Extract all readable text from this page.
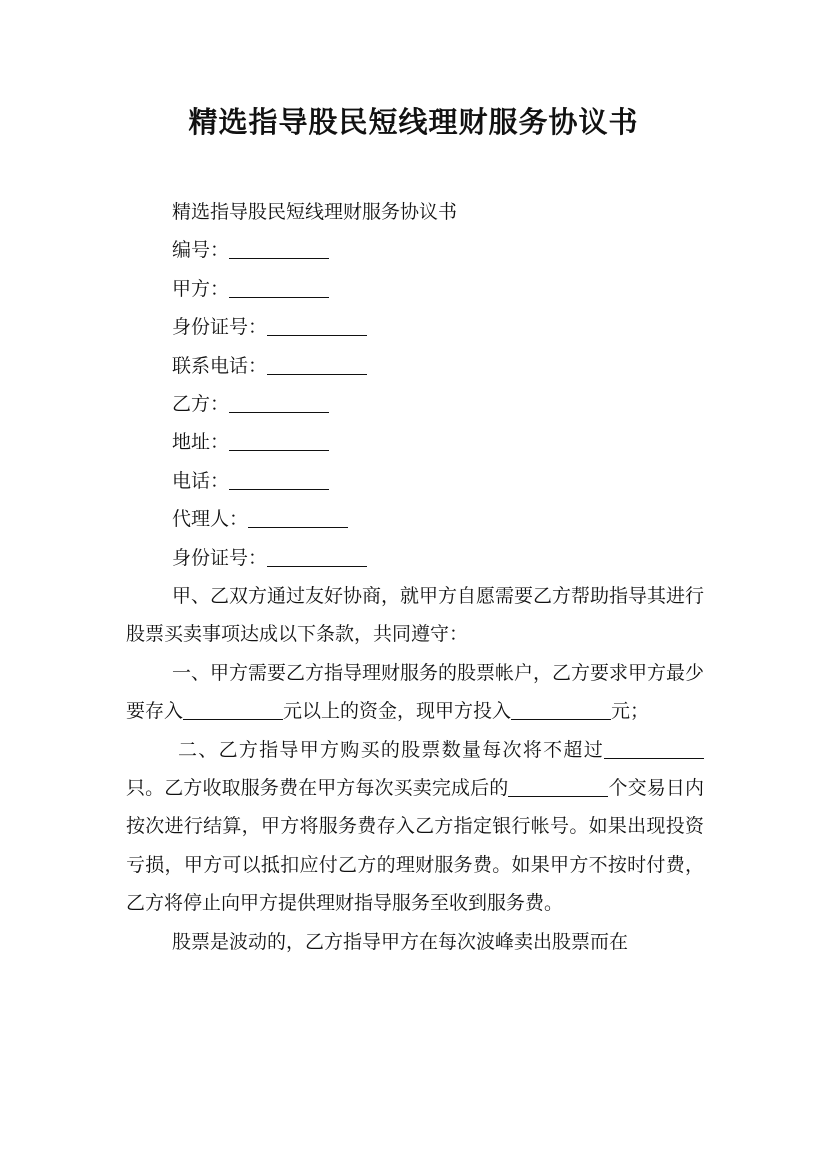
精选指导股民短线理财服务协议书
精选指导股民短线理财服务协议书
编号：
甲方：
身份证号：
联系电话：
乙方：
地址：
电话：
代理人：
身份证号：

甲、乙双方通过友好协商，就甲方自愿需要乙方帮助指导其进行股票买卖事项达成以下条款，共同遵守：

一、甲方需要乙方指导理财服务的股票帐户，乙方要求甲方最少要存入	元以上的资金，现甲方投入	元；

二、乙方指导甲方购买的股票数量每次将不超过只。乙方收取服务费在甲方每次买卖完成后的	个交易日内按次进行结算，甲方将服务费存入乙方指定银行帐号。如果出现投资亏损，甲方可以抵扣应付乙方的理财服务费。如果甲方不按时付费，乙方将停止向甲方提供理财指导服务至收到服务费。

股票是波动的，乙方指导甲方在每次波峰卖出股票而在
